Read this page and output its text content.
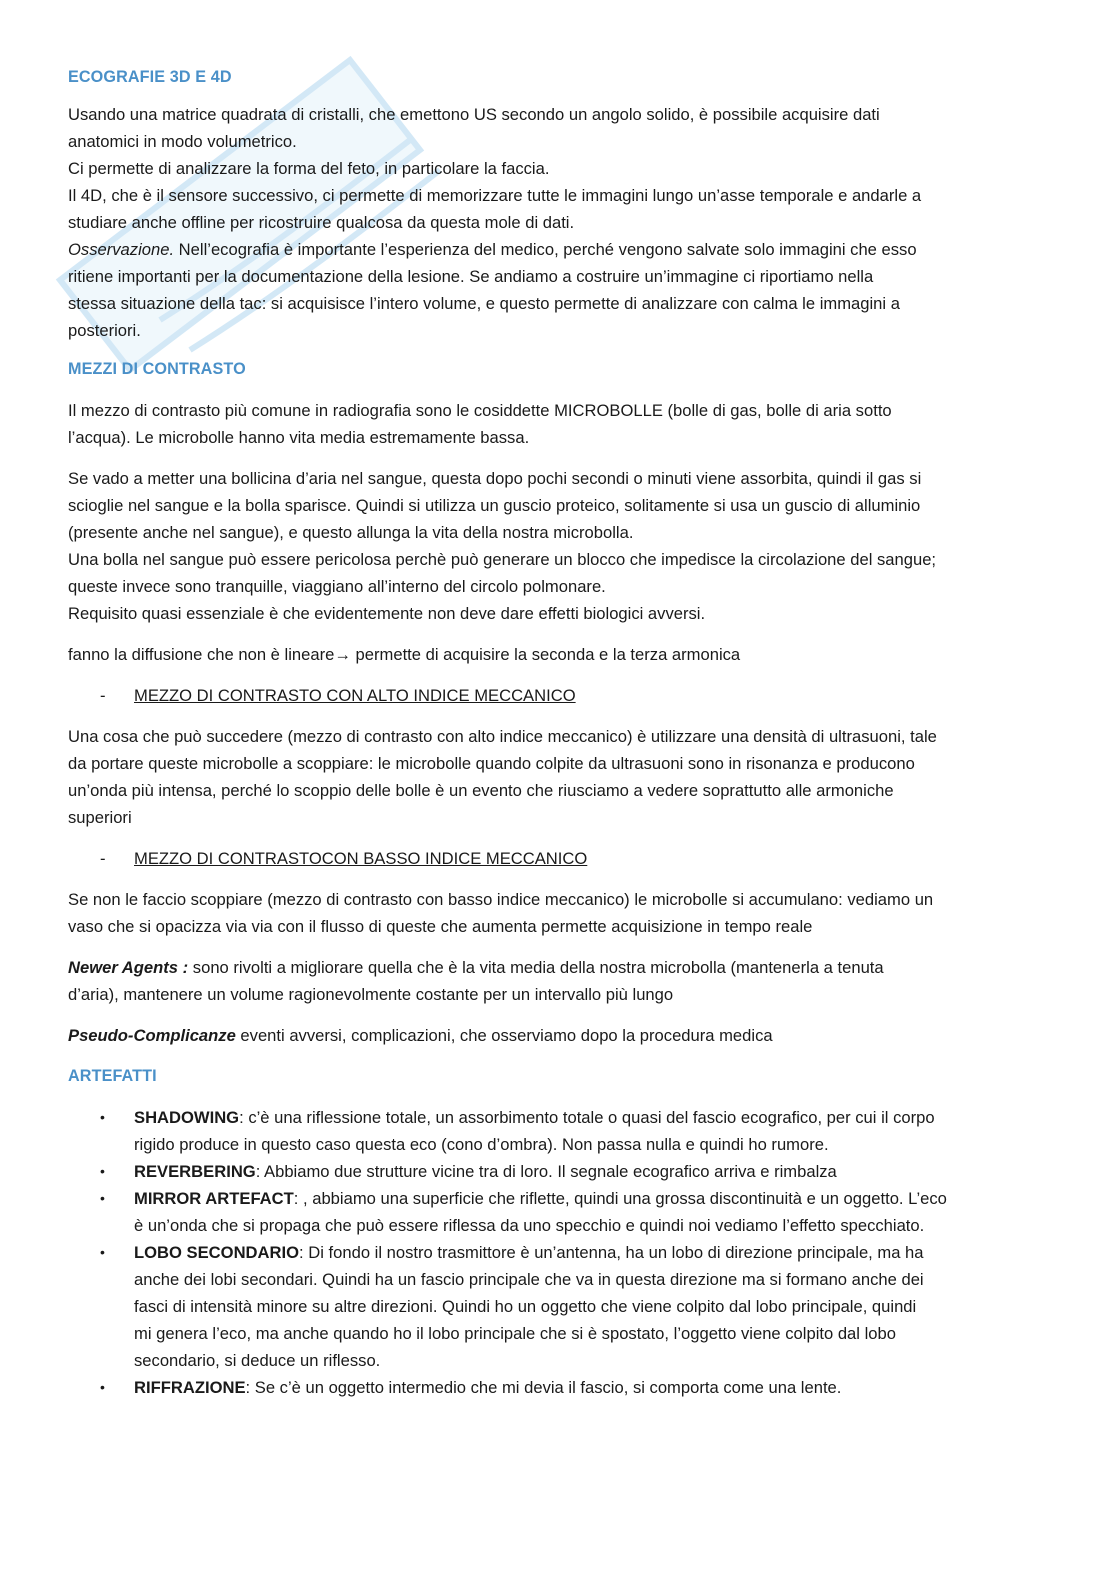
ECOGRAFIE 3D E 4D

Usando una matrice quadrata di cristalli, che emettono US secondo un angolo solido, è possibile acquisire dati

anatomici in modo volumetrico.

Ci permette di analizzare la forma del feto, in particolare la faccia.

Il 4D, che è il sensore successivo, ci permette di memorizzare tutte le immagini lungo un’asse temporale e andarle a

studiare anche offline per ricostruire qualcosa da questa mole di dati.

Osservazione. Nell’ecografia è importante l’esperienza del medico, perché vengono salvate solo immagini che esso

ritiene importanti per la documentazione della lesione. Se andiamo a costruire un’immagine ci riportiamo nella

stessa situazione della tac: si acquisisce l’intero volume, e questo permette di analizzare con calma le immagini a

posteriori.

MEZZI DI CONTRASTO

Il mezzo di contrasto più comune in radiografia sono le cosiddette MICROBOLLE (bolle di gas, bolle di aria sotto

l’acqua). Le microbolle hanno vita media estremamente bassa.

Se vado a metter una bollicina d’aria nel sangue, questa dopo pochi secondi o minuti viene assorbita, quindi il gas si

scioglie nel sangue e la bolla sparisce. Quindi si utilizza un guscio proteico, solitamente si usa un guscio di alluminio

(presente anche nel sangue), e questo allunga la vita della nostra microbolla.

Una bolla nel sangue può essere pericolosa perchè può generare un blocco che impedisce la circolazione del sangue;

queste invece sono tranquille, viaggiano all’interno del circolo polmonare.

Requisito quasi essenziale è che evidentemente non deve dare effetti biologici avversi.

fanno la diffusione che non è lineare→ permette di acquisire la seconda e la terza armonica

-	MEZZO DI CONTRASTO CON ALTO INDICE MECCANICO

Una cosa che può succedere (mezzo di contrasto con alto indice meccanico) è utilizzare una densità di ultrasuoni, tale

da portare queste microbolle a scoppiare: le microbolle quando colpite da ultrasuoni sono in risonanza e producono

un’onda più intensa, perché lo scoppio delle bolle è un evento che riusciamo a vedere soprattutto alle armoniche

superiori

-	MEZZO DI CONTRASTOCON BASSO INDICE MECCANICO

Se non le faccio scoppiare (mezzo di contrasto con basso indice meccanico) le microbolle si accumulano: vediamo un

vaso che si opacizza via via con il flusso di queste che aumenta permette acquisizione in tempo reale

Newer Agents : sono rivolti a migliorare quella che è la vita media della nostra microbolla (mantenerla a tenuta

d’aria), mantenere un volume ragionevolmente costante per un intervallo più lungo

Pseudo-Complicanze eventi avversi, complicazioni, che osserviamo dopo la procedura medica

ARTEFATTI
•	SHADOWING: c’è una riflessione totale, un assorbimento totale o quasi del fascio ecografico, per cui il corpo
rigido produce in questo caso questa eco (cono d’ombra). Non passa nulla e quindi ho rumore.
•	REVERBERING: Abbiamo due strutture vicine tra di loro. Il segnale ecografico arriva e rimbalza
•	MIRROR ARTEFACT: , abbiamo una superficie che riflette, quindi una grossa discontinuità e un oggetto. L’eco
è un’onda che si propaga che può essere riflessa da uno specchio e quindi noi vediamo l’effetto specchiato.
•	LOBO SECONDARIO: Di fondo il nostro trasmittore è un’antenna, ha un lobo di direzione principale, ma ha
anche dei lobi secondari. Quindi ha un fascio principale che va in questa direzione ma si formano anche dei
fasci di intensità minore su altre direzioni. Quindi ho un oggetto che viene colpito dal lobo principale, quindi
mi genera l’eco, ma anche quando ho il lobo principale che si è spostato, l’oggetto viene colpito dal lobo
secondario, si deduce un riflesso.
•	RIFFRAZIONE: Se c’è un oggetto intermedio che mi devia il fascio, si comporta come una lente.
